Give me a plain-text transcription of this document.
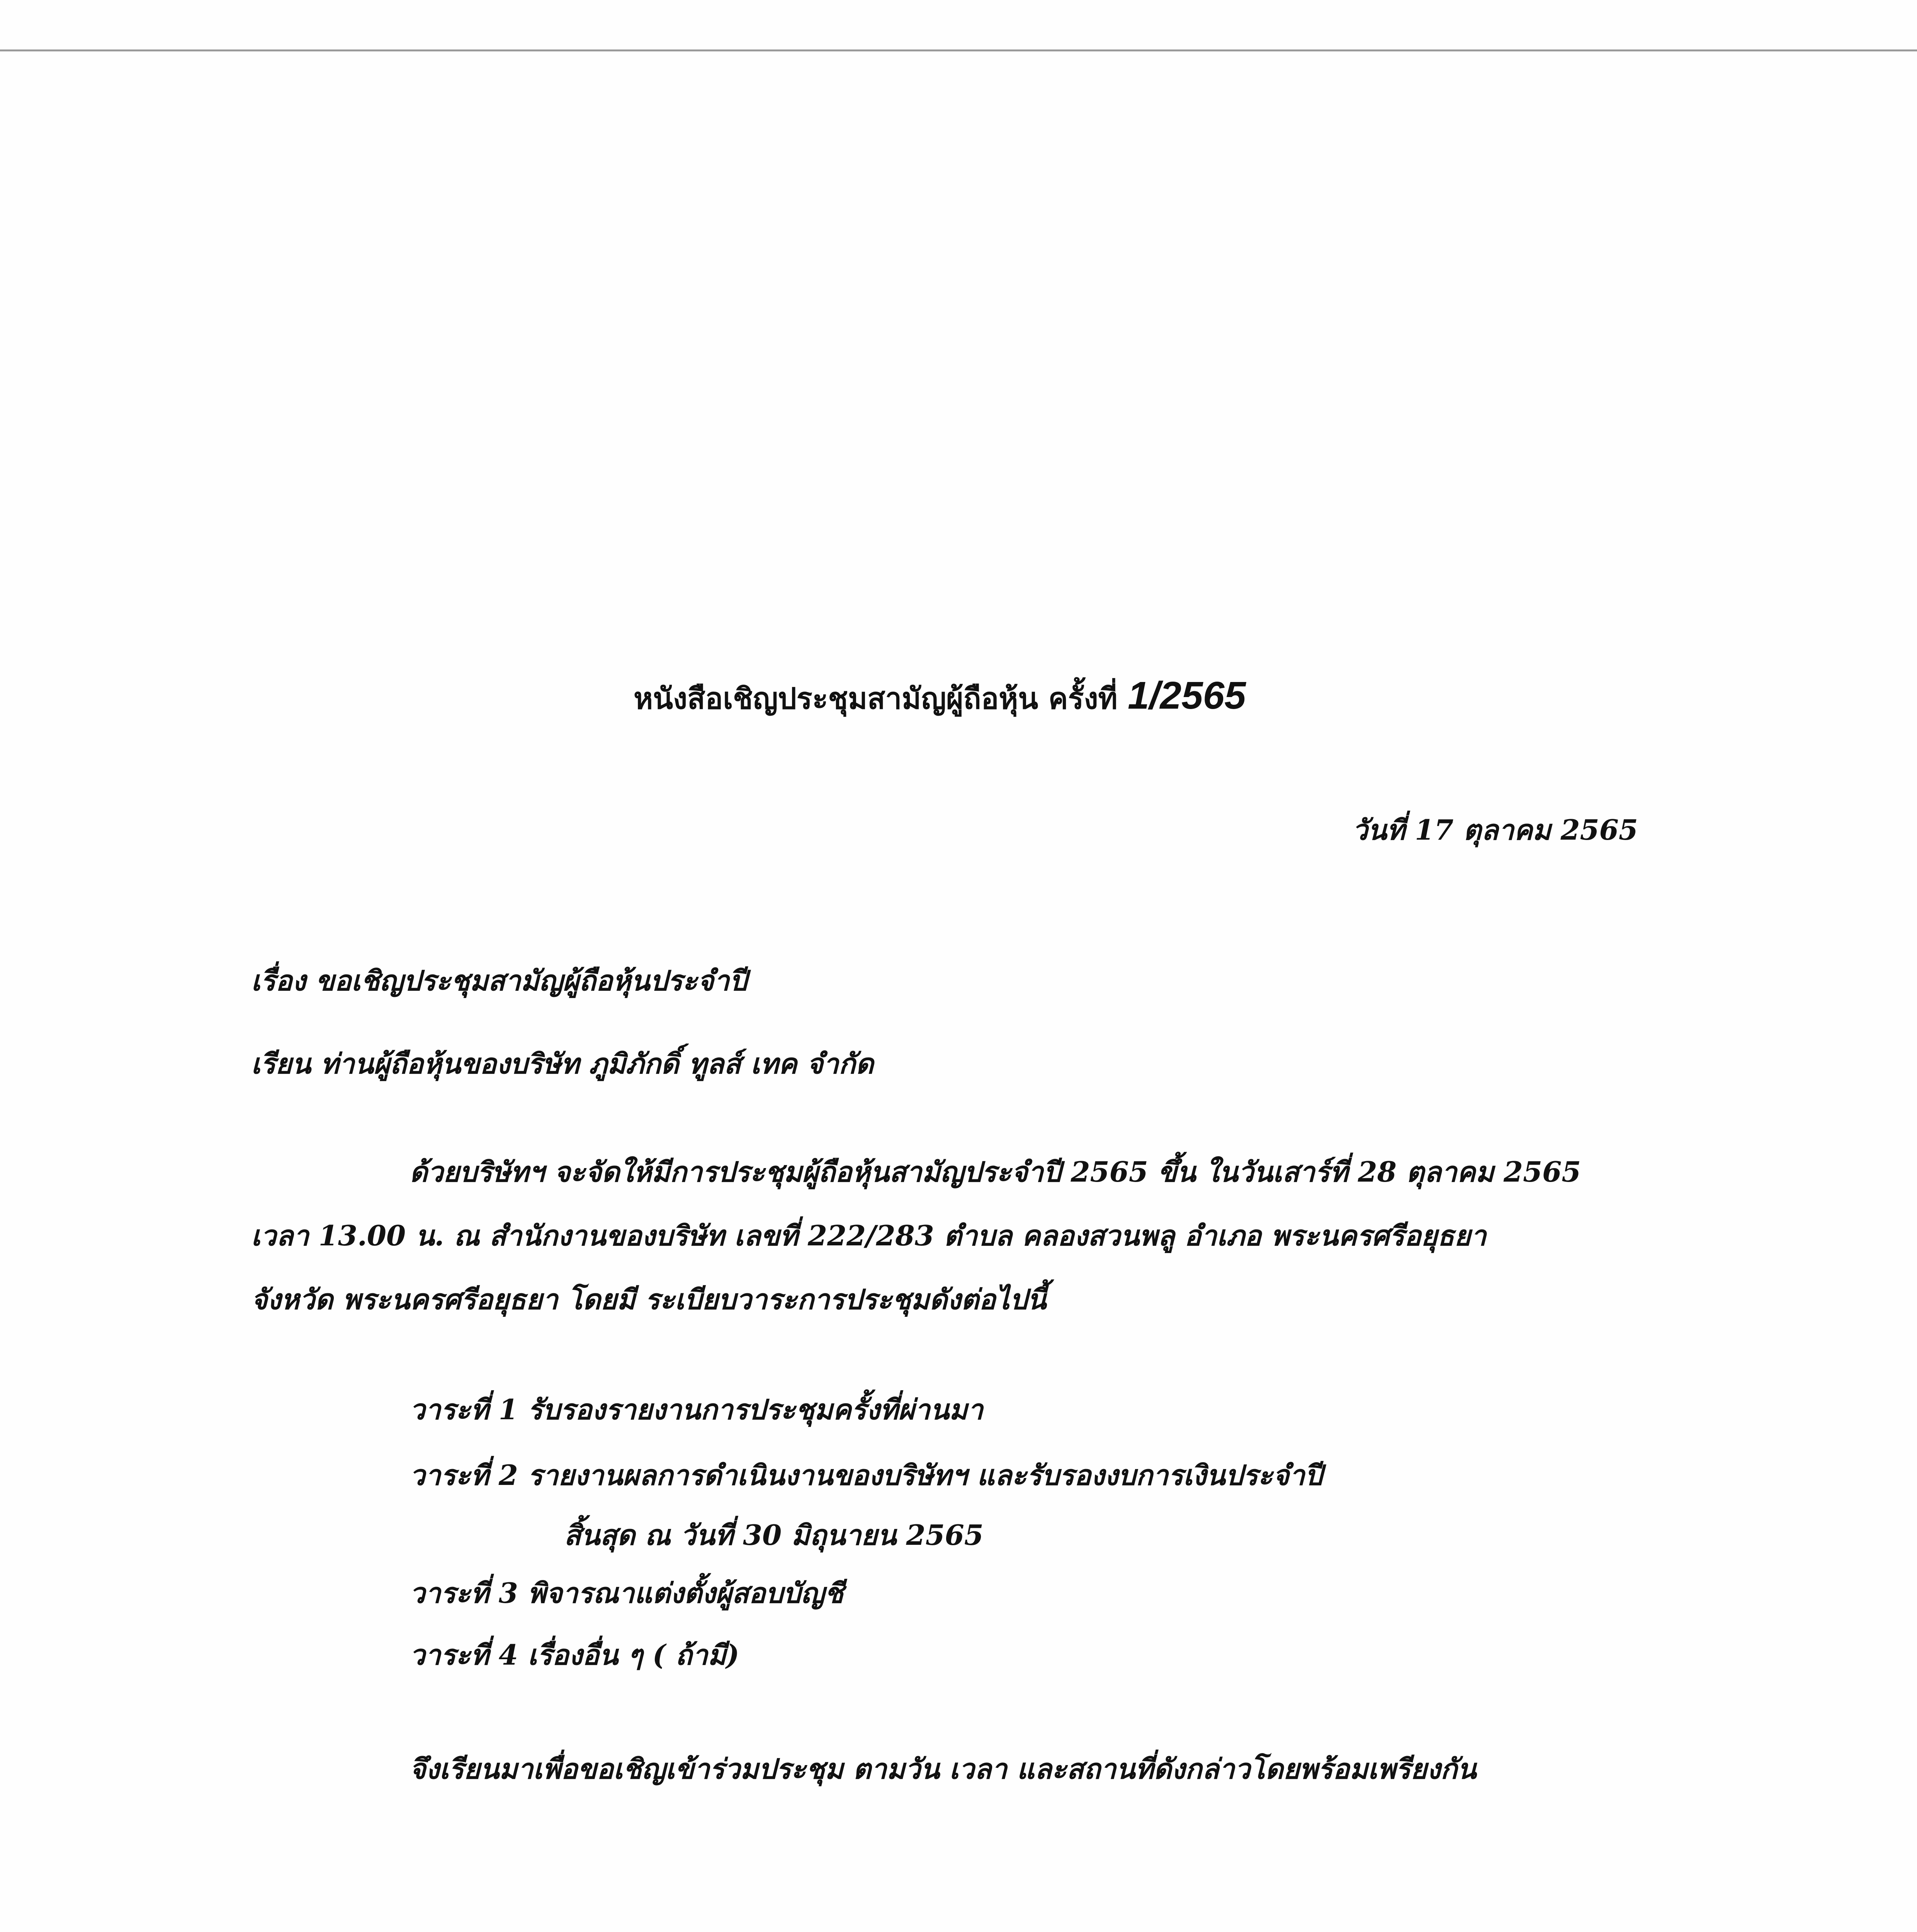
หนังสือเชิญประชุมสามัญผู้ถือหุ้น ครั้งที่ 1/2565
วันที่ 17 ตุลาคม 2565
เรื่อง ขอเชิญประชุมสามัญผู้ถือหุ้นประจำปี
เรียน ท่านผู้ถือหุ้นของบริษัท ภูมิภักดิ์ ทูลส์ เทค จำกัด
ด้วยบริษัทฯ จะจัดให้มีการประชุมผู้ถือหุ้นสามัญประจำปี 2565 ขึ้น ในวันเสาร์ที่ 28 ตุลาคม 2565
เวลา 13.00 น. ณ สำนักงานของบริษัท เลขที่ 222/283 ตำบล คลองสวนพลู อำเภอ พระนครศรีอยุธยา
จังหวัด พระนครศรีอยุธยา โดยมี ระเบียบวาระการประชุมดังต่อไปนี้
วาระที่ 1 รับรองรายงานการประชุมครั้งที่ผ่านมา
วาระที่ 2 รายงานผลการดำเนินงานของบริษัทฯ และรับรองงบการเงินประจำปี
สิ้นสุด ณ วันที่ 30 มิถุนายน 2565
วาระที่ 3 พิจารณาแต่งตั้งผู้สอบบัญชี
วาระที่ 4 เรื่องอื่น ๆ ( ถ้ามี)
จึงเรียนมาเพื่อขอเชิญเข้าร่วมประชุม ตามวัน เวลา และสถานที่ดังกล่าวโดยพร้อมเพรียงกัน
